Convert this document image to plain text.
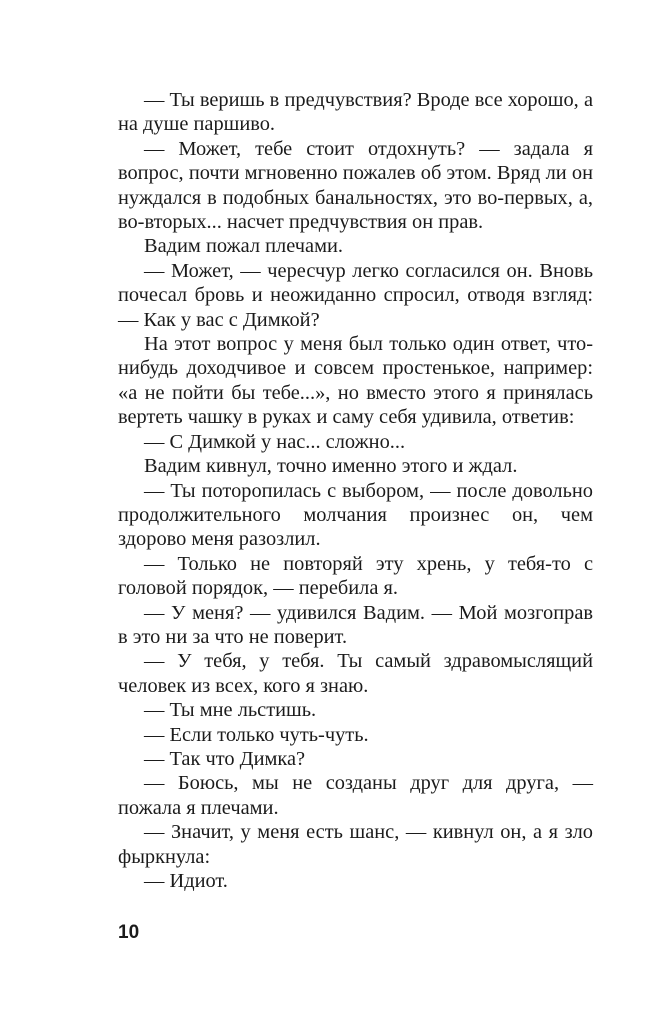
— Ты веришь в предчувствия? Вроде все хорошо, а на душе паршиво.

— Может, тебе стоит отдохнуть? — задала я вопрос, почти мгновенно пожалев об этом. Вряд ли он нуждался в подобных банальностях, это во-первых, а, во-вторых... насчет предчувствия он прав.

Вадим пожал плечами.

— Может, — чересчур легко согласился он. Вновь почесал бровь и неожиданно спросил, отводя взгляд: — Как у вас с Димкой?

На этот вопрос у меня был только один ответ, что-нибудь доходчивое и совсем простенькое, например: «а не пойти бы тебе...», но вместо этого я принялась вертеть чашку в руках и саму себя удивила, ответив:

— С Димкой у нас... сложно...

Вадим кивнул, точно именно этого и ждал.

— Ты поторопилась с выбором, — после довольно продолжительного молчания произнес он, чем здорово меня разозлил.

— Только не повторяй эту хрень, у тебя-то с головой порядок, — перебила я.

— У меня? — удивился Вадим. — Мой мозгоправ в это ни за что не поверит.

— У тебя, у тебя. Ты самый здравомыслящий человек из всех, кого я знаю.

— Ты мне льстишь.

— Если только чуть-чуть.

— Так что Димка?

— Боюсь, мы не созданы друг для друга, — пожала я плечами.

— Значит, у меня есть шанс, — кивнул он, а я зло фыркнула:

— Идиот.

10
